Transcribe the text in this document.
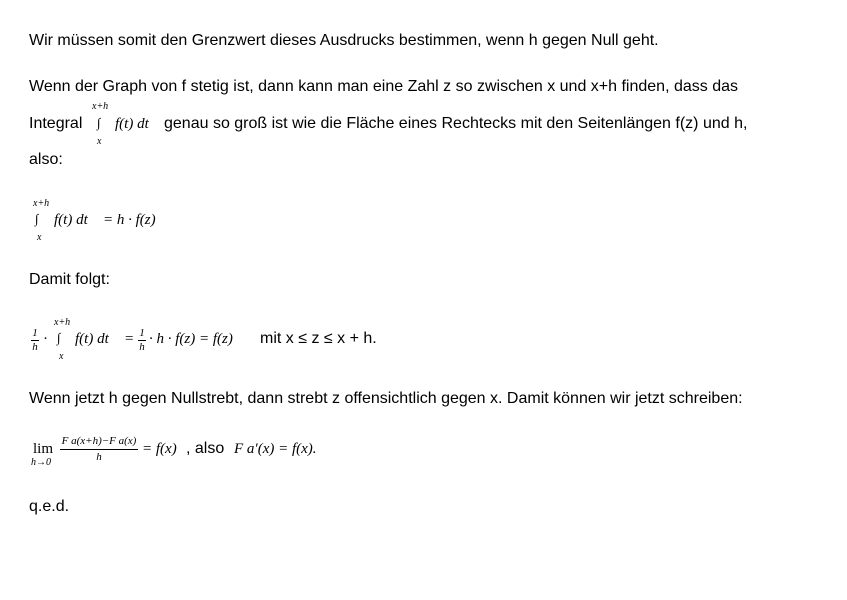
Wir müssen somit den Grenzwert dieses Ausdrucks bestimmen, wenn h gegen Null geht.
Wenn der Graph von f stetig ist, dann kann man eine Zahl z so zwischen x und x+h finden, dass das
Integral
x+h
∫
x
f(t) dt genau so groß ist wie die Fläche eines Rechtecks mit den Seitenlängen f(z) und h,
also:
x+h
∫
x
f(t) dt = h · f(z)
Damit folgt:
1
h ·
x+h
∫
x
f(t) dt = 1
h · h · f(z) = f(z) mit x ≤ z ≤ x + h.
Wenn jetzt h gegen Nullstrebt, dann strebt z offensichtlich gegen x. Damit können wir jetzt schreiben:
lim
h→0
F a(x+h)−F a(x)
h	= f(x) , also F a′(x) = f(x).
q.e.d.
